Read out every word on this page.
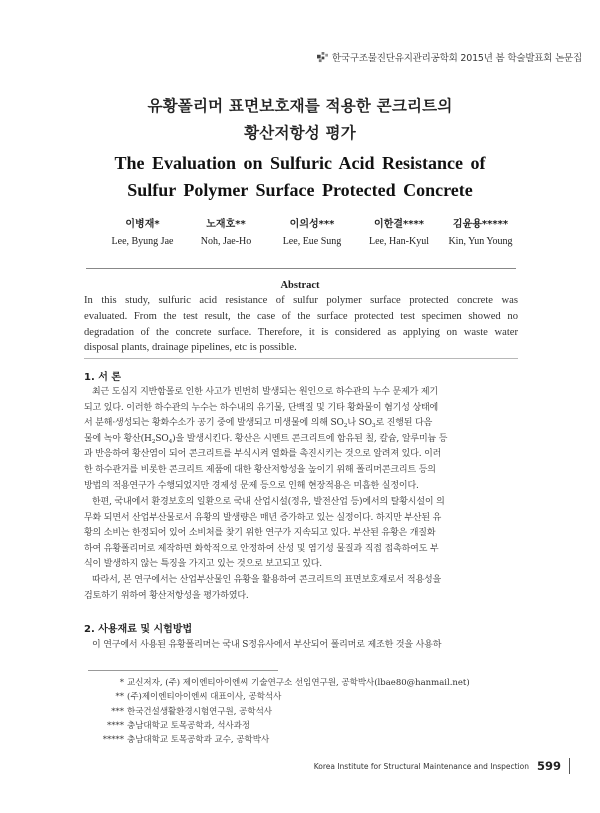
한국구조물진단유지관리공학회 2015년 봄 학술발표회 논문집
유황폴리머 표면보호재를 적용한 콘크리트의
황산저항성 평가
The Evaluation on Sulfuric Acid Resistance of
Sulfur Polymer Surface Protected Concrete
이병재*
Lee, Byung Jae
노재호**
Noh, Jae-Ho
이의성***
Lee, Eue Sung
이한결****
Lee, Han-Kyul
김윤용*****
Kin, Yun Young
Abstract
In this study, sulfuric acid resistance of sulfur polymer surface protected concrete was
evaluated. From the test result, the case of the surface protected test specimen showed no
degradation of the concrete surface. Therefore, it is considered as applying on waste water
disposal plants, drainage pipelines, etc is possible.
1. 서 론
최근 도심지 지반함몰로 인한 사고가 빈번히 발생되는 원인으로 하수관의 누수 문제가 제기
되고 있다. 이러한 하수관의 누수는 하수내의 유기물, 단백질 및 기타 황화물이 혐기성 상태에
서 분해·생성되는 황화수소가 공기 중에 발생되고 미생물에 의해 $SO_2$나 $SO_3$로 진행된 다음
물에 녹아 황산$(H_2SO_4)$을 발생시킨다. 황산은 시멘트 콘크리트에 함유된 칠, 칼슘, 알루미늄 등
과 반응하여 황산염이 되어 콘크리트를 부식시켜 열화를 촉진시키는 것으로 알려져 있다. 이러
한 하수관거를 비롯한 콘크리트 제품에 대한 황산저항성을 높이기 위해 폴리머콘크리트 등의
방법의 적용연구가 수행되었지만 경제성 문제 등으로 인해 현장적용은 미흡한 실정이다.
한편, 국내에서 환경보호의 일환으로 국내 산업시설(정유, 발전산업 등)에서의 탈황시설이 의
무화 되면서 산업부산물로서 유황의 발생량은 매년 증가하고 있는 실정이다. 하지만 부산된 유
황의 소비는 한정되어 있어 소비처를 찾기 위한 연구가 지속되고 있다. 부산된 유황은 개질화
하여 유황폴리머로 제작하면 화학적으로 안정하여 산성 및 염기성 물질과 직접 접촉하여도 부
식이 발생하지 않는 특징을 가지고 있는 것으로 보고되고 있다.
따라서, 본 연구에서는 산업부산물인 유황을 활용하여 콘크리트의 표면보호재로서 적용성을
검토하기 위하여 황산저항성을 평가하였다.
2. 사용재료 및 시험방법
이 연구에서 사용된 유황폴리머는 국내 S정유사에서 부산되어 폴리머로 제조한 것을 사용하
* 교신저자, (주) 제이엔티아이엔씨 기술연구소 선임연구원, 공학박사(lbae80@hanmail.net)
** (주)제이엔티아이엔씨 대표이사, 공학석사
*** 한국건설생활환경시험연구원, 공학석사
**** 충남대학교 토목공학과, 석사과정
***** 충남대학교 토목공학과 교수, 공학박사
Korea Institute for Structural Maintenance and Inspection 599
